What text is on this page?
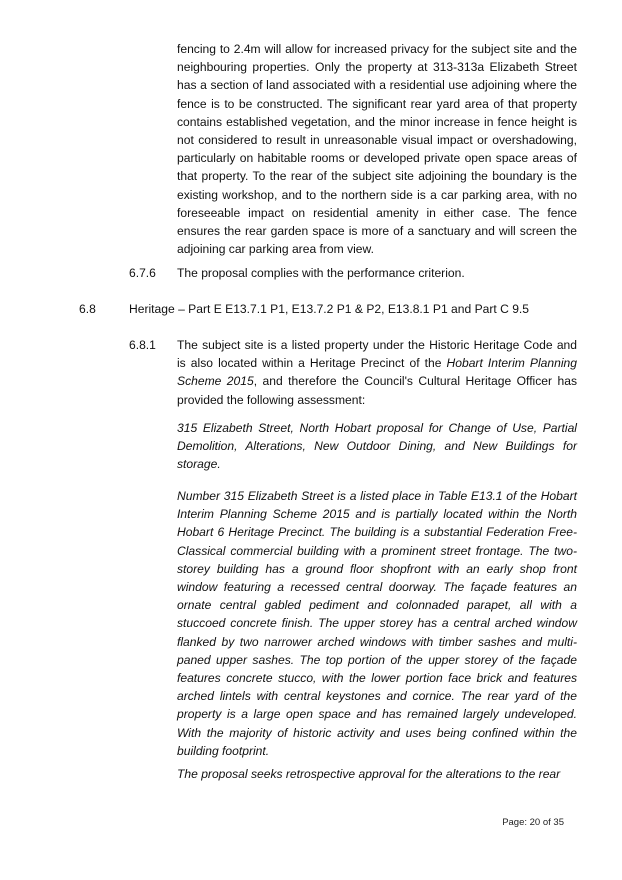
fencing to 2.4m will allow for increased privacy for the subject site and the neighbouring properties. Only the property at 313-313a Elizabeth Street has a section of land associated with a residential use adjoining where the fence is to be constructed. The significant rear yard area of that property contains established vegetation, and the minor increase in fence height is not considered to result in unreasonable visual impact or overshadowing, particularly on habitable rooms or developed private open space areas of that property. To the rear of the subject site adjoining the boundary is the existing workshop, and to the northern side is a car parking area, with no foreseeable impact on residential amenity in either case. The fence ensures the rear garden space is more of a sanctuary and will screen the adjoining car parking area from view.
6.7.6 The proposal complies with the performance criterion.
6.8	Heritage – Part E E13.7.1 P1, E13.7.2 P1 & P2, E13.8.1 P1 and Part C 9.5
6.8.1 The subject site is a listed property under the Historic Heritage Code and is also located within a Heritage Precinct of the Hobart Interim Planning Scheme 2015, and therefore the Council's Cultural Heritage Officer has provided the following assessment:
315 Elizabeth Street, North Hobart proposal for Change of Use, Partial Demolition, Alterations, New Outdoor Dining, and New Buildings for storage.
Number 315 Elizabeth Street is a listed place in Table E13.1 of the Hobart Interim Planning Scheme 2015 and is partially located within the North Hobart 6 Heritage Precinct. The building is a substantial Federation Free-Classical commercial building with a prominent street frontage. The two-storey building has a ground floor shopfront with an early shop front window featuring a recessed central doorway. The façade features an ornate central gabled pediment and colonnaded parapet, all with a stuccoed concrete finish. The upper storey has a central arched window flanked by two narrower arched windows with timber sashes and multi-paned upper sashes. The top portion of the upper storey of the façade features concrete stucco, with the lower portion face brick and features arched lintels with central keystones and cornice. The rear yard of the property is a large open space and has remained largely undeveloped. With the majority of historic activity and uses being confined within the building footprint.
The proposal seeks retrospective approval for the alterations to the rear
Page: 20 of 35
